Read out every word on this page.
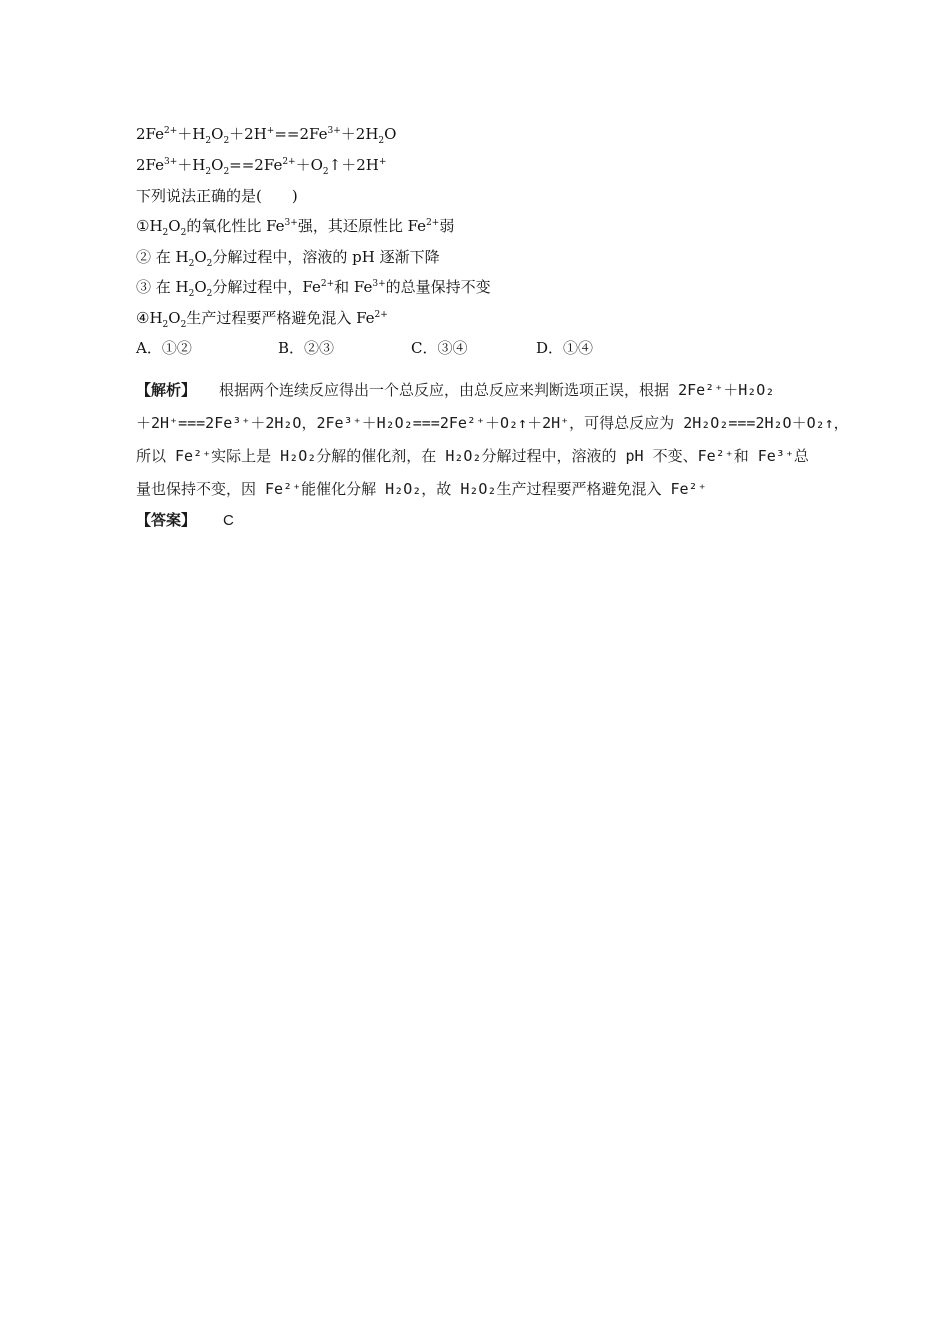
$2Fe^{2+}+H_2O_2+2H^+==2Fe^{3+}+2H_2O$
$2Fe^{3+}+H_2O_2==2Fe^{2+}+O_2↑+2H^+$
下列说法正确的是(　　)
$①H_2O_2$的氧化性比 $Fe^{3+}$强，其还原性比 $Fe^{2+}$弱
② 在 $H_2O_2$分解过程中，溶液的 pH 逐渐下降
③ 在 $H_2O_2$分解过程中，$Fe^{2+}$和 $Fe^{3+}$的总量保持不变
$④H_2O_2$生产过程要严格避免混入 $Fe^{2+}$
A．①②	B．②③	C．③④	D．①④
【解析】 根据两个连续反应得出一个总反应，由总反应来判断选项正误，根据 2Fe²⁺＋H₂O₂
＋2H⁺===2Fe³⁺＋2H₂O，2Fe³⁺＋H₂O₂===2Fe²⁺＋O₂↑＋2H⁺，可得总反应为 2H₂O₂===2H₂O＋O₂↑，
所以 Fe²⁺实际上是 H₂O₂分解的催化剂，在 H₂O₂分解过程中，溶液的 pH 不变、Fe²⁺和 Fe³⁺总
量也保持不变，因 Fe²⁺能催化分解 H₂O₂，故 H₂O₂生产过程要严格避免混入 Fe²⁺
【答案】 C
